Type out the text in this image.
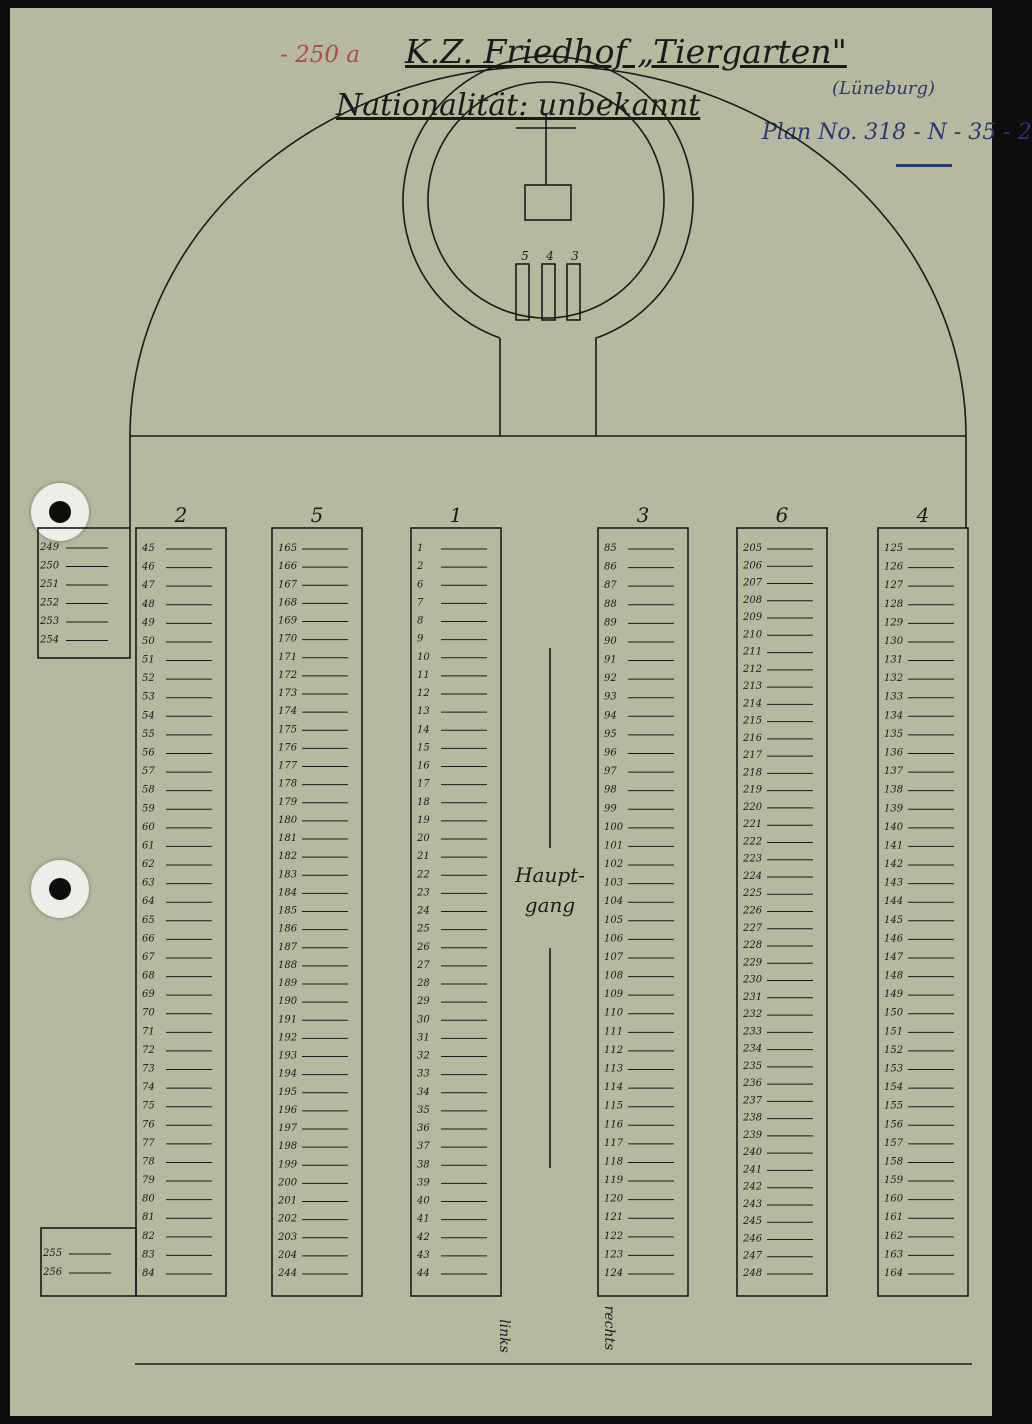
- 250 a K.Z. Friedhof „Tiergarten"
Nationalität: unbekannt	(Lüneburg)
Plan No. 318 - N - 35 - 2
5 4 3
Haupt-
gang
links	rechts
2
45
46
47
48
49
50
51
52
53
54
55
56
57
58
59
60
61
62
63
64
65
66
67
68
69
70
71
72
73
74
75
76
77
78
79
80
81
82
83
84
5
165
166
167
168
169
170
171
172
173
174
175
176
177
178
179
180
181
182
183
184
185
186
187
188
189
190
191
192
193
194
195
196
197
198
199
200
201
202
203
204
244
1
1
2
6
7
8
9
10
11
12
13
14
15
16
17
18
19
20
21
22
23
24
25
26
27
28
29
30
31
32
33
34
35
36
37
38
39
40
41
42
43
44
3
85
86
87
88
89
90
91
92
93
94
95
96
97
98
99
100
101
102
103
104
105
106
107
108
109
110
111
112
113
114
115
116
117
118
119
120
121
122
123
124
6
205
206
207
208
209
210
211
212
213
214
215
216
217
218
219
220
221
222
223
224
225
226
227
228
229
230
231
232
233
234
235
236
237
238
239
240
241
242
243
245
246
247
248
4
125
126
127
128
129
130
131
132
133
134
135
136
137
138
139
140
141
142
143
144
145
146
147
148
149
150
151
152
153
154
155
156
157
158
159
160
161
162
163
164
249
250
251
252
253
254
255
256
